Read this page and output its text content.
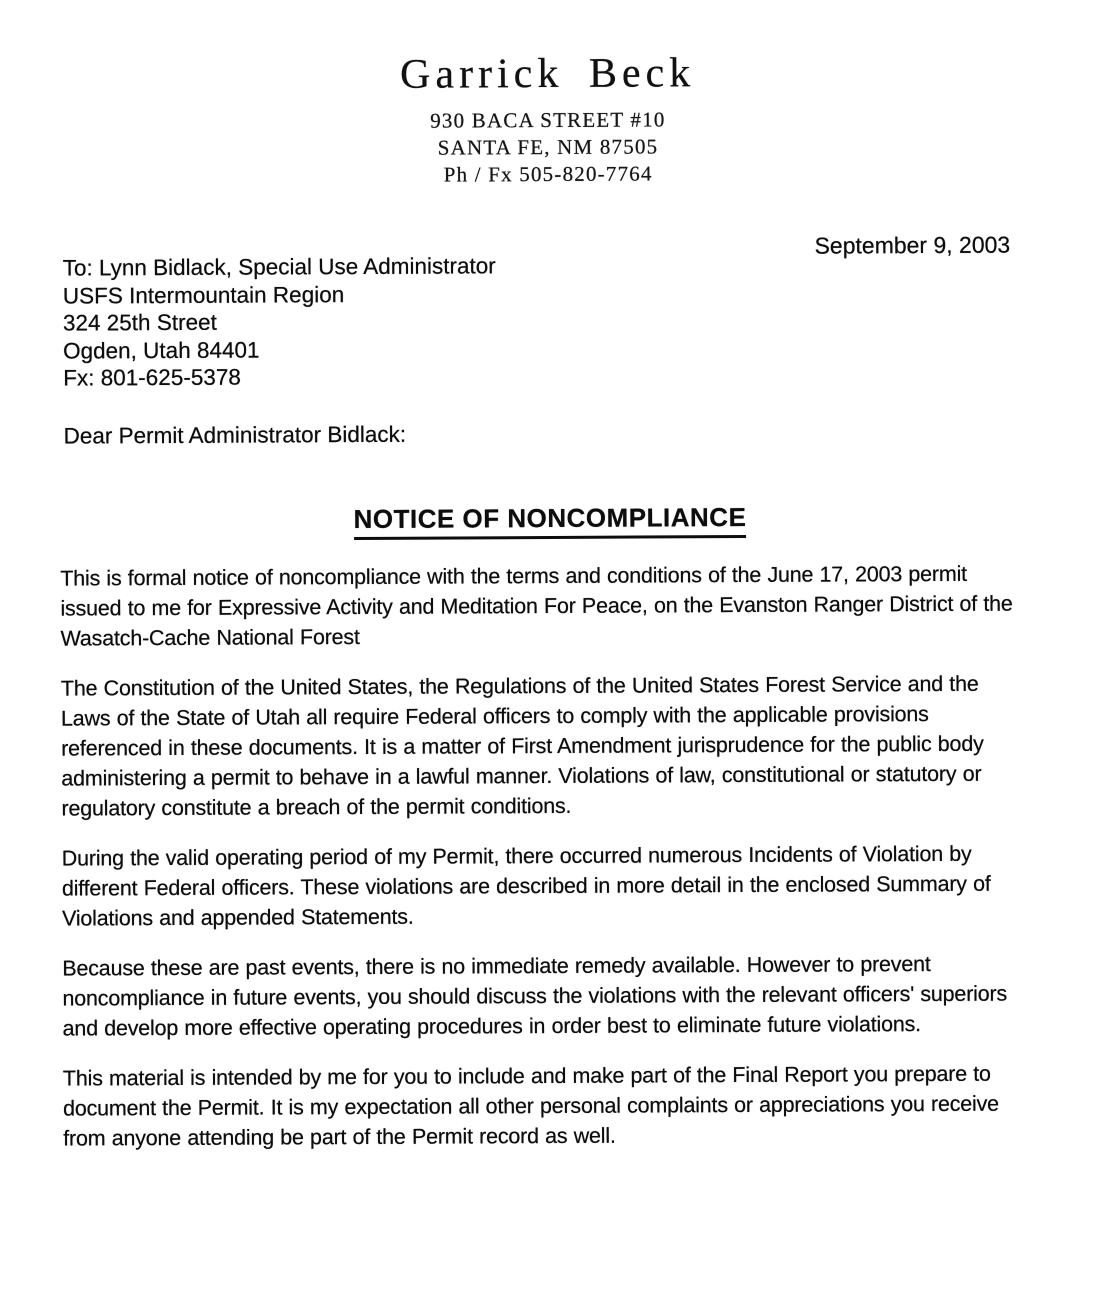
Garrick Beck
930 BACA STREET #10
SANTA FE, NM 87505
Ph / Fx 505-820-7764
September 9, 2003
To: Lynn Bidlack, Special Use Administrator
USFS Intermountain Region
324 25th Street
Ogden, Utah 84401
Fx: 801-625-5378

Dear Permit Administrator Bidlack:

NOTICE OF NONCOMPLIANCE

This is formal notice of noncompliance with the terms and conditions of the June 17, 2003 permit issued to me for Expressive Activity and Meditation For Peace, on the Evanston Ranger District of the Wasatch-Cache National Forest

The Constitution of the United States, the Regulations of the United States Forest Service and the Laws of the State of Utah all require Federal officers to comply with the applicable provisions referenced in these documents. It is a matter of First Amendment jurisprudence for the public body administering a permit to behave in a lawful manner. Violations of law, constitutional or statutory or regulatory constitute a breach of the permit conditions.

During the valid operating period of my Permit, there occurred numerous Incidents of Violation by different Federal officers. These violations are described in more detail in the enclosed Summary of Violations and appended Statements.

Because these are past events, there is no immediate remedy available. However to prevent noncompliance in future events, you should discuss the violations with the relevant officers' superiors and develop more effective operating procedures in order best to eliminate future violations.

This material is intended by me for you to include and make part of the Final Report you prepare to document the Permit. It is my expectation all other personal complaints or appreciations you receive from anyone attending be part of the Permit record as well.
